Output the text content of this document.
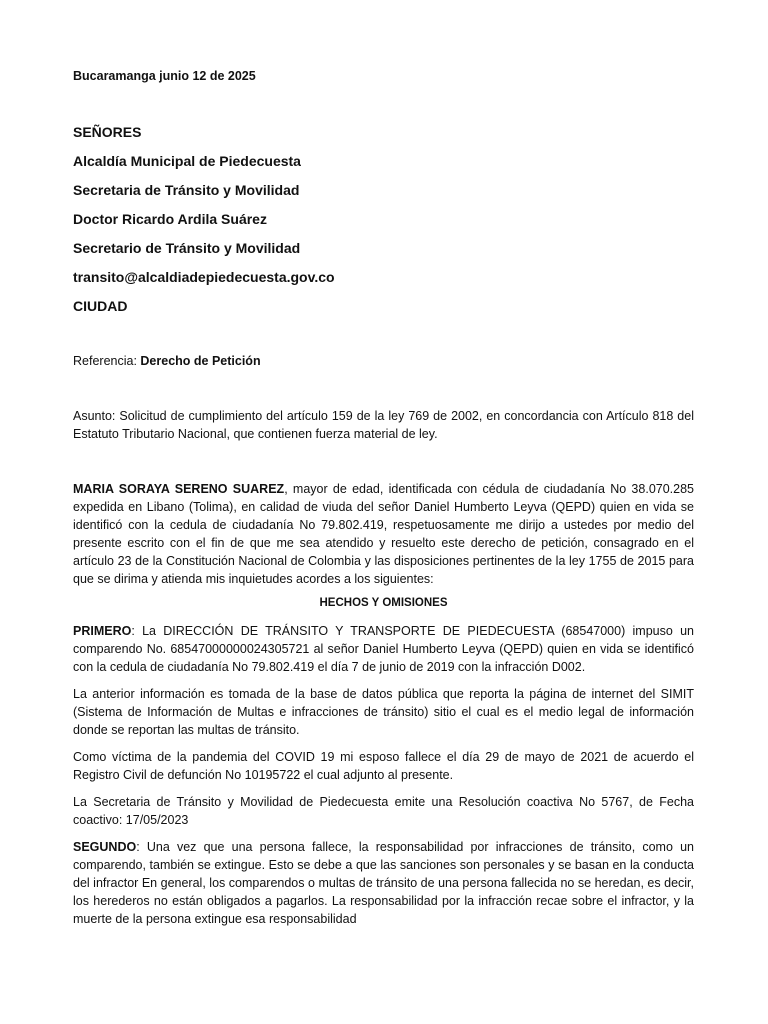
Bucaramanga junio 12 de 2025

SEÑORES

Alcaldía Municipal de Piedecuesta

Secretaria de Tránsito y Movilidad

Doctor Ricardo Ardila Suárez

Secretario de Tránsito y Movilidad

transito@alcaldiadepiedecuesta.gov.co

CIUDAD

Referencia: Derecho de Petición

Asunto: Solicitud de cumplimiento del artículo 159 de la ley 769 de 2002, en concordancia con Artículo 818 del Estatuto Tributario Nacional, que contienen fuerza material de ley.

MARIA SORAYA SERENO SUAREZ, mayor de edad, identificada con cédula de ciudadanía No 38.070.285 expedida en Libano (Tolima), en calidad de viuda del señor Daniel Humberto Leyva (QEPD) quien en vida se identificó con la cedula de ciudadanía No 79.802.419, respetuosamente me dirijo a ustedes por medio del presente escrito con el fin de que me sea atendido y resuelto este derecho de petición, consagrado en el artículo 23 de la Constitución Nacional de Colombia y las disposiciones pertinentes de la ley 1755 de 2015 para que se dirima y atienda mis inquietudes acordes a los siguientes:

HECHOS Y OMISIONES

PRIMERO: La DIRECCIÓN DE TRÁNSITO Y TRANSPORTE DE PIEDECUESTA (68547000) impuso un comparendo No. 68547000000024305721 al señor Daniel Humberto Leyva (QEPD) quien en vida se identificó con la cedula de ciudadanía No 79.802.419 el día 7 de junio de 2019 con la infracción D002.

La anterior información es tomada de la base de datos pública que reporta la página de internet del SIMIT (Sistema de Información de Multas e infracciones de tránsito) sitio el cual es el medio legal de información donde se reportan las multas de tránsito.

Como víctima de la pandemia del COVID 19 mi esposo fallece el día 29 de mayo de 2021 de acuerdo el Registro Civil de defunción No 10195722 el cual adjunto al presente.

La Secretaria de Tránsito y Movilidad de Piedecuesta emite una Resolución coactiva No 5767, de Fecha coactivo: 17/05/2023

SEGUNDO: Una vez que una persona fallece, la responsabilidad por infracciones de tránsito, como un comparendo, también se extingue. Esto se debe a que las sanciones son personales y se basan en la conducta del infractor En general, los comparendos o multas de tránsito de una persona fallecida no se heredan, es decir, los herederos no están obligados a pagarlos. La responsabilidad por la infracción recae sobre el infractor, y la muerte de la persona extingue esa responsabilidad
